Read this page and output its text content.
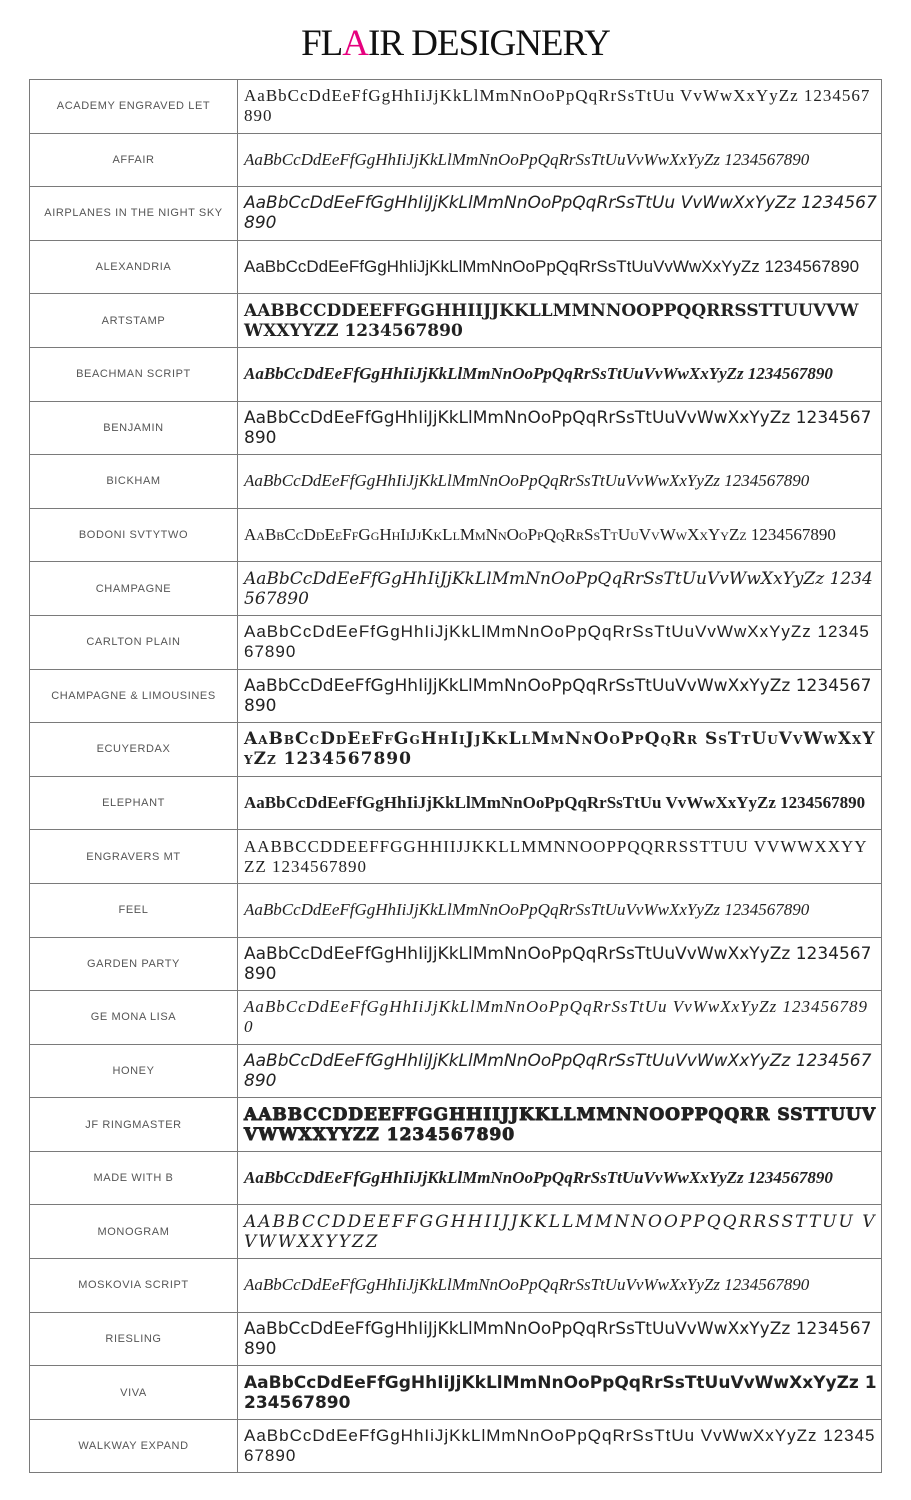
FLAIR DESIGNERY
ACADEMY ENGRAVED LET	AaBbCcDdEeFfGgHhIiJjKkLlMmNnOoPpQqRrSsTtUu VvWwXxYyZz 1234567890
AFFAIR	AaBbCcDdEeFfGgHhIiJjKkLlMmNnOoPpQqRrSsTtUuVvWwXxYyZz 1234567890
AIRPLANES IN THE NIGHT SKY	AaBbCcDdEeFfGgHhIiJjKkLlMmNnOoPpQqRrSsTtUu VvWwXxYyZz 1234567890
ALEXANDRIA	AaBbCcDdEeFfGgHhIiJjKkLlMmNnOoPpQqRrSsTtUuVvWwXxYyZz 1234567890
ARTSTAMP	AABBCCDDEEFFGGHHIIJJKKLLMMNNOOPPQQRRSSTTUUVVWWXXYYZZ 1234567890
BEACHMAN SCRIPT	AaBbCcDdEeFfGgHhIiJjKkLlMmNnOoPpQqRrSsTtUuVvWwXxYyZz 1234567890
BENJAMIN	AaBbCcDdEeFfGgHhIiJjKkLlMmNnOoPpQqRrSsTtUuVvWwXxYyZz 1234567890
BICKHAM	AaBbCcDdEeFfGgHhIiJjKkLlMmNnOoPpQqRrSsTtUuVvWwXxYyZz 1234567890
BODONI SVTYTWO	AaBbCcDdEeFfGgHhIiJjKkLlMmNnOoPpQqRrSsTtUuVvWwXxYyZz 1234567890
CHAMPAGNE	AaBbCcDdEeFfGgHhIiJjKkLlMmNnOoPpQqRrSsTtUuVvWwXxYyZz 1234567890
CARLTON PLAIN	AaBbCcDdEeFfGgHhIiJjKkLlMmNnOoPpQqRrSsTtUuVvWwXxYyZz 1234567890
CHAMPAGNE & LIMOUSINES	AaBbCcDdEeFfGgHhIiJjKkLlMmNnOoPpQqRrSsTtUuVvWwXxYyZz 1234567890
ECUYERDAX	AaBbCcDdEeFfGgHhIiJjKkLlMmNnOoPpQqRr SsTtUuVvWwXxYyZz 1234567890
ELEPHANT	AaBbCcDdEeFfGgHhIiJjKkLlMmNnOoPpQqRrSsTtUu VvWwXxYyZz 1234567890
ENGRAVERS MT	AABBCCDDEEFFGGHHIIJJKKLLMMNNOOPPQQRRSSTTUU VVWWXXYYZZ 1234567890
FEEL	AaBbCcDdEeFfGgHhIiJjKkLlMmNnOoPpQqRrSsTtUuVvWwXxYyZz 1234567890
GARDEN PARTY	AaBbCcDdEeFfGgHhIiJjKkLlMmNnOoPpQqRrSsTtUuVvWwXxYyZz 1234567890
GE MONA LISA	AaBbCcDdEeFfGgHhIiJjKkLlMmNnOoPpQqRrSsTtUu VvWwXxYyZz 1234567890
HONEY	AaBbCcDdEeFfGgHhIiJjKkLlMmNnOoPpQqRrSsTtUuVvWwXxYyZz 1234567890
JF RINGMASTER	AABBCCDDEEFFGGHHIIJJKKLLMMNNOOPPQQRR SSTTUUVVWWXXYYZZ 1234567890
MADE WITH B	AaBbCcDdEeFfGgHhIiJjKkLlMmNnOoPpQqRrSsTtUuVvWwXxYyZz 1234567890
MONOGRAM	AABBCCDDEEFFGGHHIIJJKKLLMMNNOOPPQQRRSSTTUU VVWWXXYYZZ
MOSKOVIA SCRIPT	AaBbCcDdEeFfGgHhIiJjKkLlMmNnOoPpQqRrSsTtUuVvWwXxYyZz 1234567890
RIESLING	AaBbCcDdEeFfGgHhIiJjKkLlMmNnOoPpQqRrSsTtUuVvWwXxYyZz 1234567890
VIVA	AaBbCcDdEeFfGgHhIiJjKkLlMmNnOoPpQqRrSsTtUuVvWwXxYyZz 1234567890
WALKWAY EXPAND	AaBbCcDdEeFfGgHhIiJjKkLlMmNnOoPpQqRrSsTtUu VvWwXxYyZz 1234567890
